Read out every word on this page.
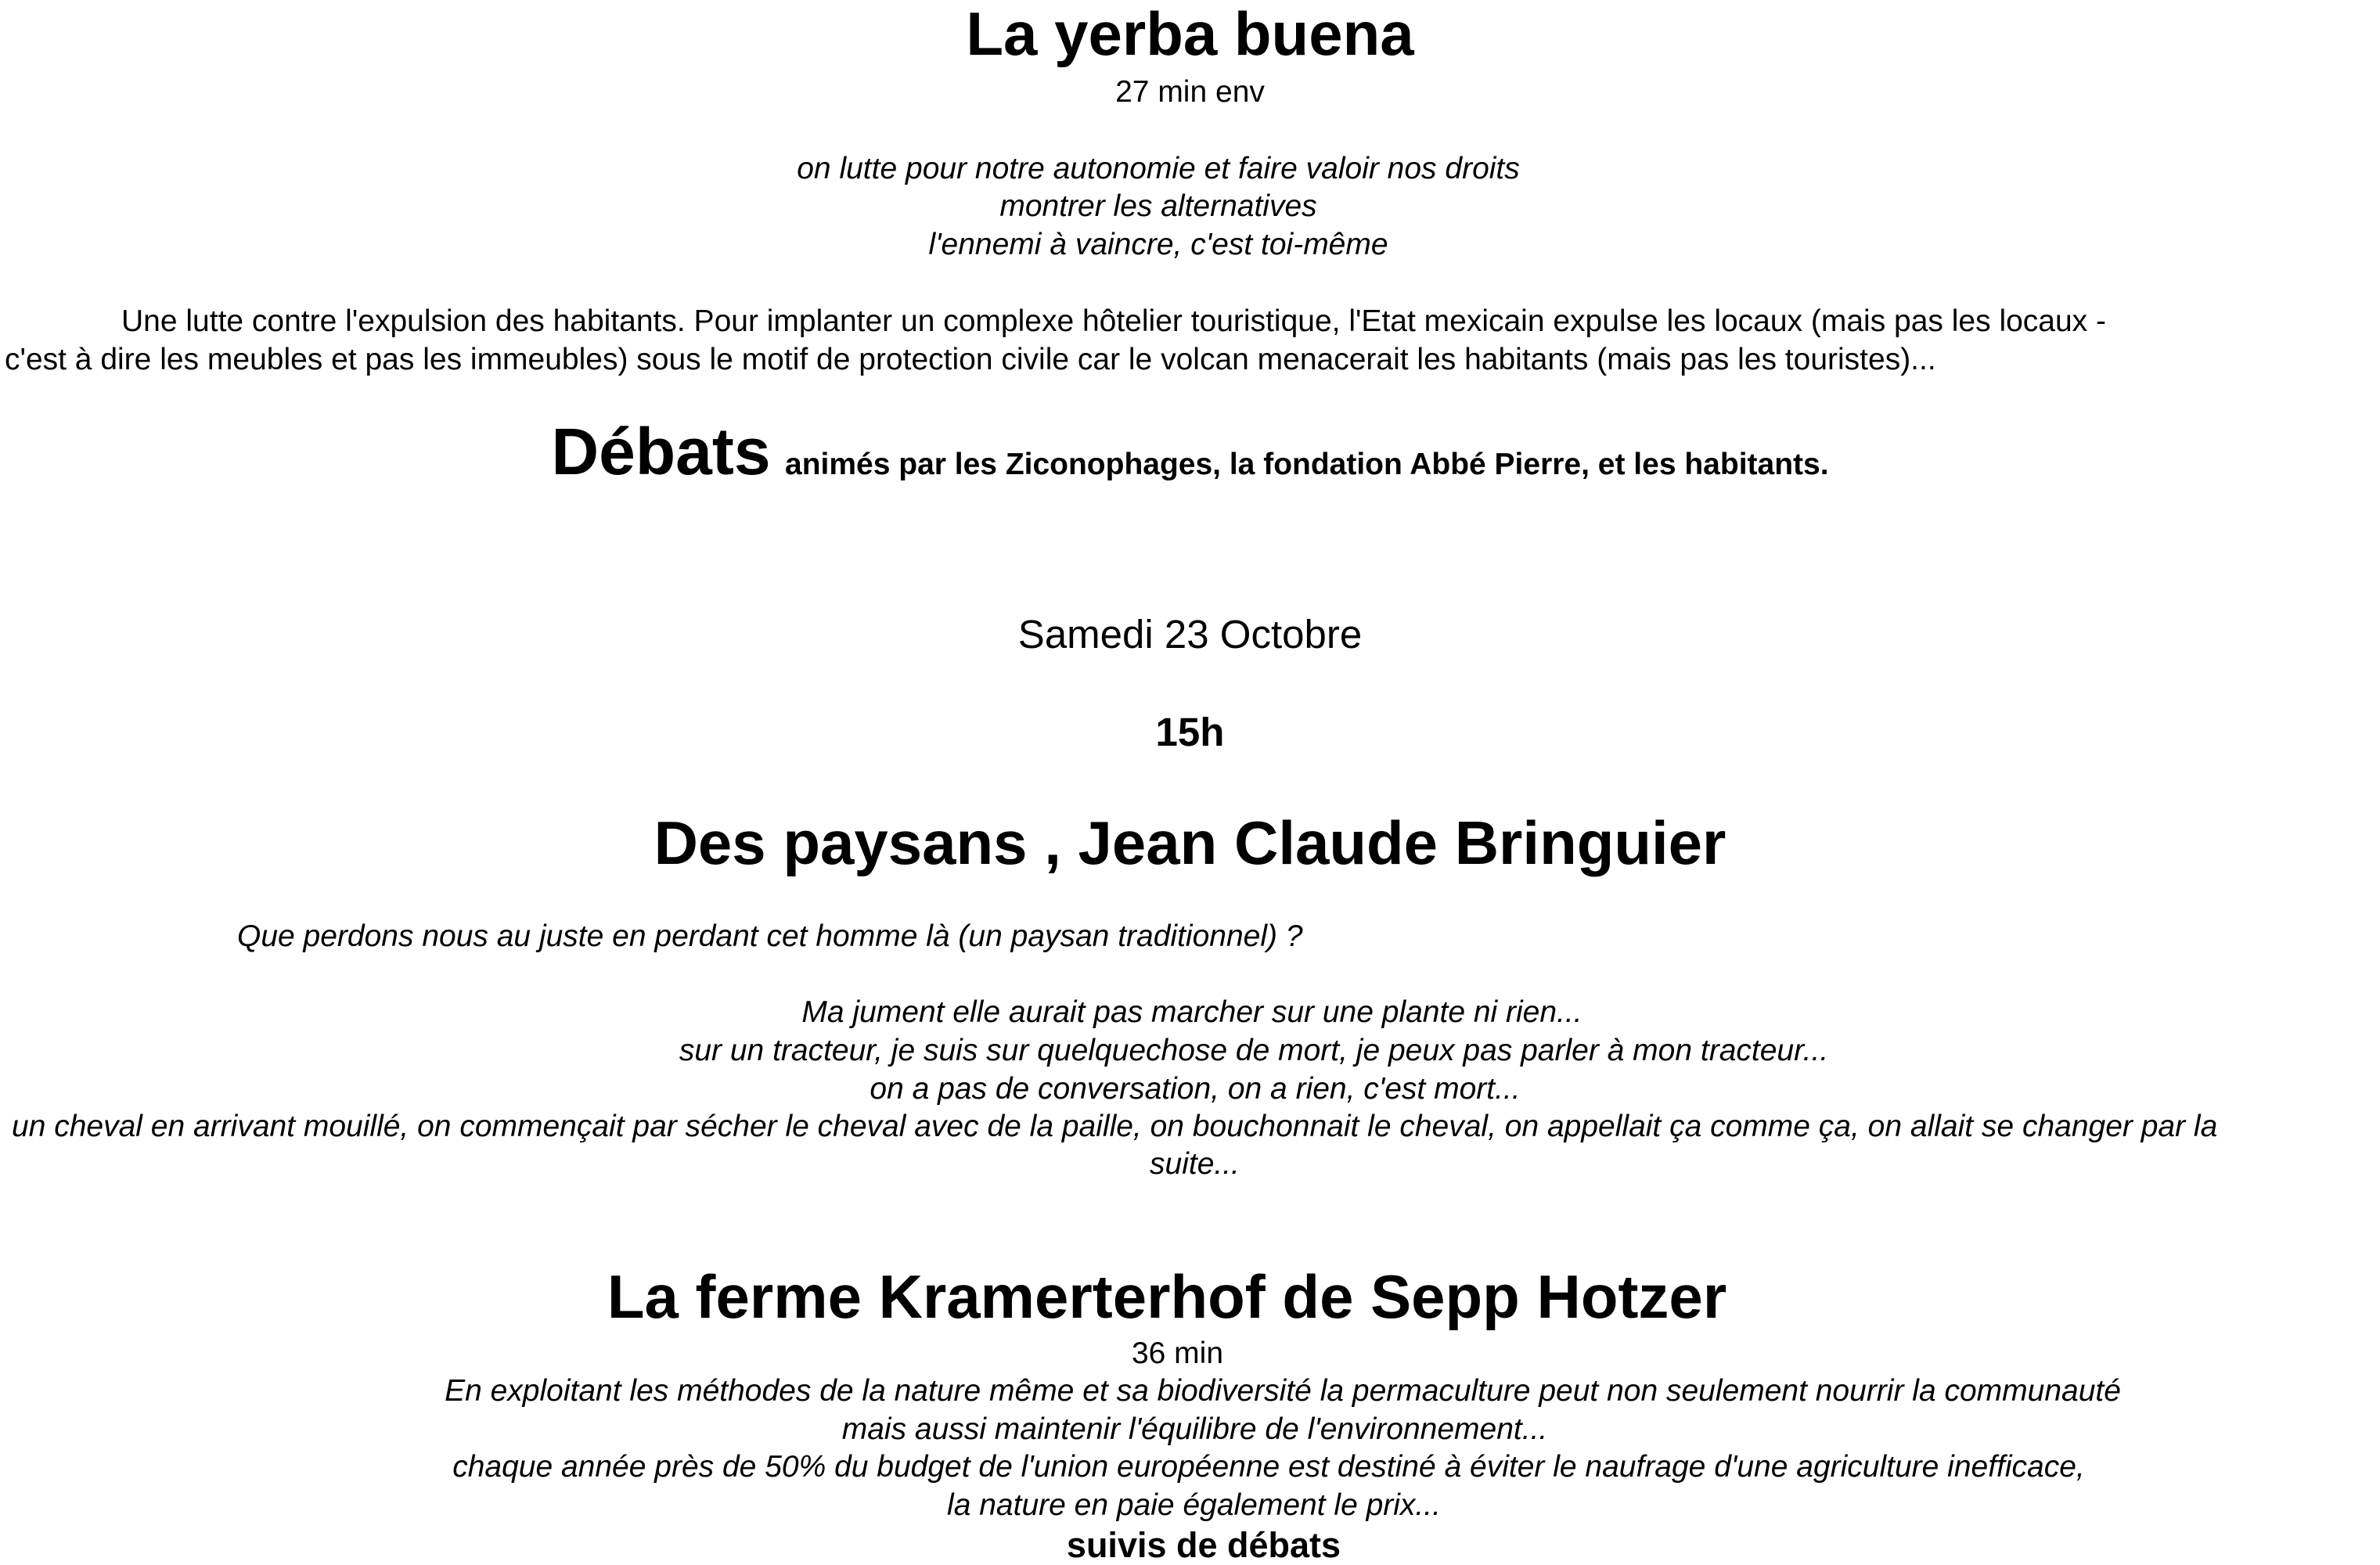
La yerba buena
27 min env
on lutte pour notre autonomie et faire valoir nos droits
montrer les alternatives
l'ennemi à vaincre, c'est toi-même
Une lutte contre l'expulsion des habitants. Pour implanter un complexe hôtelier touristique, l'Etat mexicain expulse les locaux (mais pas les locaux -
c'est à dire les meubles et pas les immeubles) sous le motif de protection civile car le volcan menacerait les habitants (mais pas les touristes)...
Débats animés par les Ziconophages, la fondation Abbé Pierre, et les habitants.
Samedi 23 Octobre
15h
Des paysans , Jean Claude Bringuier
Que perdons nous au juste en perdant cet homme là (un paysan traditionnel) ?
Ma jument elle aurait pas marcher sur une plante ni rien...
sur un tracteur, je suis sur quelquechose de mort, je peux pas parler à mon tracteur...
on a pas de conversation, on a rien, c'est mort...
un cheval en arrivant mouillé, on commençait par sécher le cheval avec de la paille, on bouchonnait le cheval, on appellait ça comme ça, on allait se changer par la
suite...
La ferme Kramerterhof de Sepp Hotzer
36 min
En exploitant les méthodes de la nature même et sa biodiversité la permaculture peut non seulement nourrir la communauté
mais aussi maintenir l'équilibre de l'environnement...
chaque année près de 50% du budget de l'union européenne est destiné à éviter le naufrage d'une agriculture inefficace,
la nature en paie également le prix...
suivis de débats
